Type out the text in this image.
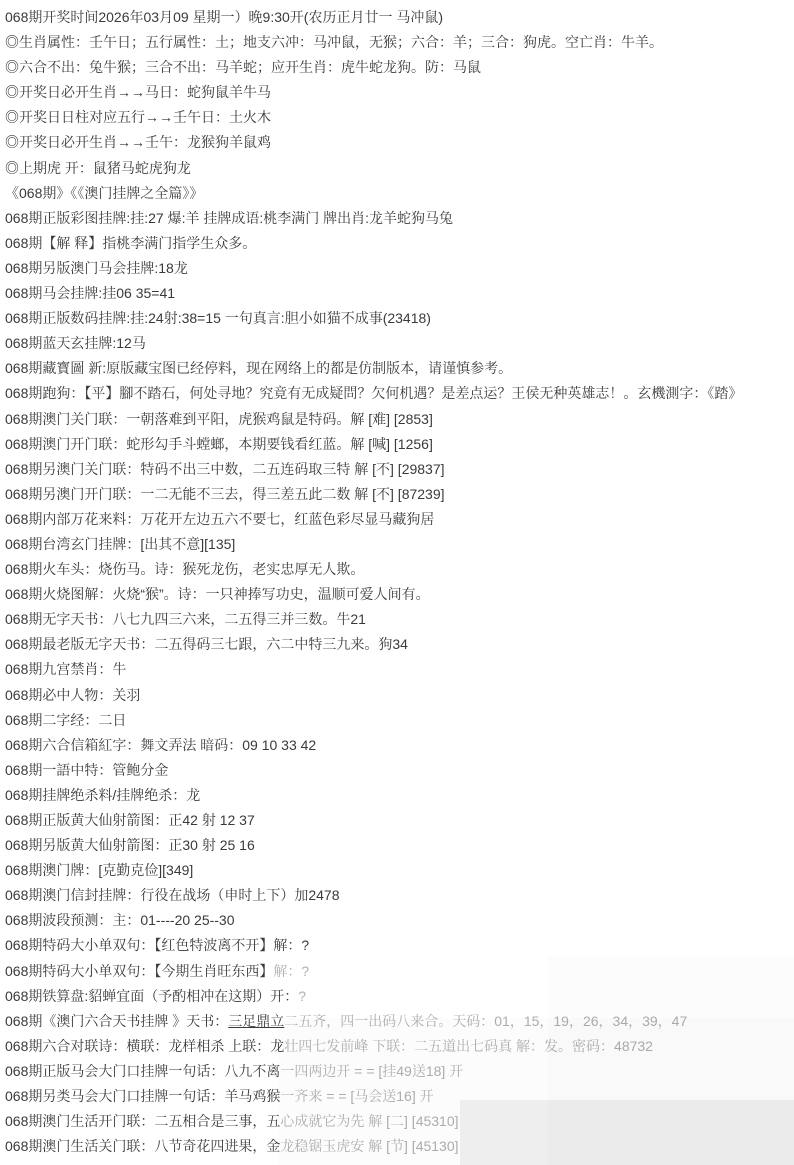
068期开奖时间2026年03月09 星期一）晚9:30开(农历正月廿一 马冲鼠)
◎生肖属性：壬午日；五行属性：土；地支六冲：马冲鼠，无猴；六合：羊；三合：狗虎。空亡肖：牛羊。
◎六合不出：兔牛猴；三合不出：马羊蛇；应开生肖：虎牛蛇龙狗。防：马鼠
◎开奖日必开生肖→→马日：蛇狗鼠羊牛马
◎开奖日日柱对应五行→→壬午日：土火木
◎开奖日必开生肖→→壬午：龙猴狗羊鼠鸡
◎上期虎 开：鼠猪马蛇虎狗龙
《068期》《《澳门挂牌之全篇》》
068期正版彩图挂牌:挂:27 爆:羊 挂牌成语:桃李满门 牌出肖:龙羊蛇狗马兔
068期【解 释】指桃李满门指学生众多。
068期另版澳门马会挂牌:18龙
068期马会挂牌:挂06 35=41
068期正版数码挂牌:挂:24射:38=15 一句真言:胆小如猫不成事(23418)
068期蓝天玄挂牌:12马
068期藏寳圖 新:原版藏宝图已经停料，现在网络上的都是仿制版本，请谨慎参考。
068期跑狗：【平】腳不踏石，何处寻地？究竟有无成疑問？欠何机遇？是差点运？王侯无种英雄志！。玄機測字：《踏》
068期澳门关门联：一朝落难到平阳，虎猴鸡鼠是特码。解 [难] [2853]
068期澳门开门联：蛇形勾手斗螳螂，本期要钱看红蓝。解 [喊] [1256]
068期另澳门关门联：特码不出三中数，二五连码取三特 解 [不] [29837]
068期另澳门开门联：一二无能不三去，得三差五此二数 解 [不] [87239]
068期内部万花来料：万花开左边五六不要七，红蓝色彩尽显马藏狗居
068期台湾玄门挂牌：[出其不意][135]
068期火车头：烧伤马。诗：猴死龙伤，老实忠厚无人欺。
068期火烧图解：火烧“猴”。诗：一只神捧写功史，温顺可爱人间有。
068期无字天书：八七九四三六来，二五得三并三数。牛21
068期最老版无字天书：二五得码三七跟，六二中特三九来。狗34
068期九宫禁肖：牛
068期必中人物：关羽
068期二字经：二日
068期六合信箱紅字：舞文弄法 暗码：09 10 33 42
068期一語中特：管鲍分金
068期挂牌绝杀料/挂牌绝杀：龙
068期正版黄大仙射箭图：正42 射 12 37
068期另版黄大仙射箭图：正30 射 25 16
068期澳门牌：[克勤克俭][349]
068期澳门信封挂牌：行役在战场（申时上下）加2478
068期波段预测：主：01----20 25--30
068期特码大小单双句：【红色特波离不开】解：?
068期特码大小单双句：【今期生肖旺东西】解：?
068期铁算盘:貂蝉宜面（予酌相冲在这期）开：?
068期《澳门六合天书挂牌 》天书：三足鼎立二五齐，四一出码八来合。天码：01，15，19，26，34，39，47
068期六合对联诗：横联：龙样相杀 上联：龙壮四七发前峰 下联：二五道出七码真 解：发。密码：48732
068期正版马会大门口挂牌一句话：八九不离一四两边开 = = [挂49送18] 开
068期另类马会大门口挂牌一句话：羊马鸡猴一齐来 = = [马会送16] 开
068期澳门生活开门联：二五相合是三事，五心成就它为先 解 [二] [45310]
068期澳门生活关门联：八节奇花四进果，金龙稳锯玉虎安 解 [节] [45130]
